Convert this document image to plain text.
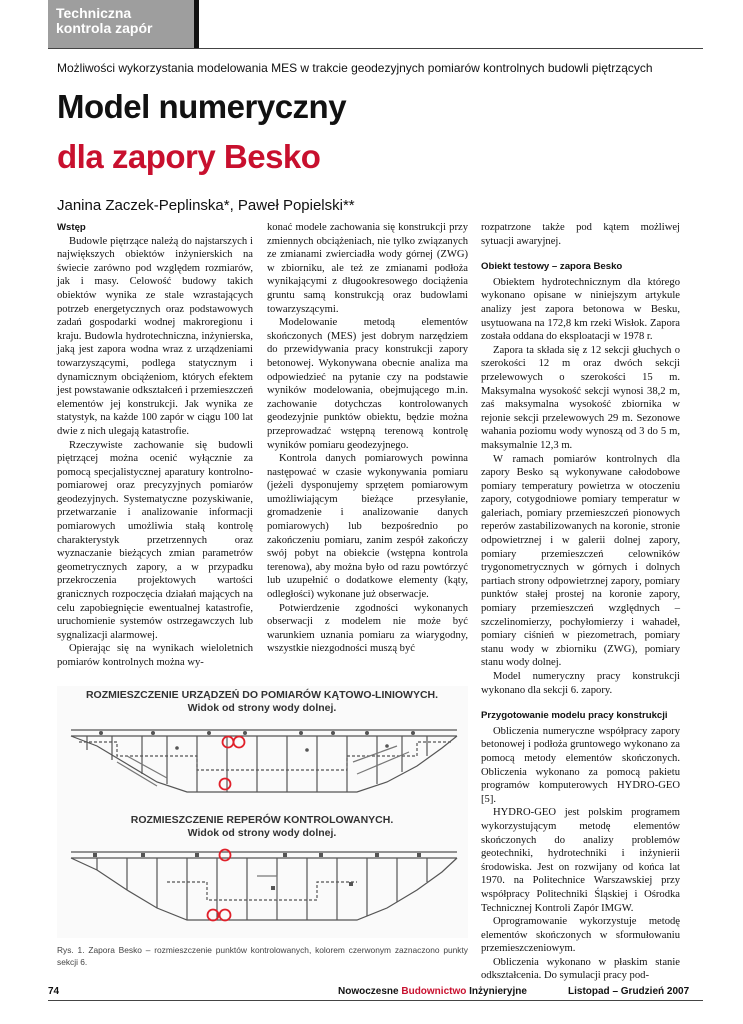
Techniczna
kontrola zapór
Możliwości wykorzystania modelowania MES w trakcie geodezyjnych pomiarów kontrolnych budowli piętrzących
Model numeryczny
dla zapory Besko
Janina Zaczek-Peplinska*, Paweł Popielski**
Wstęp

Budowle piętrzące należą do najstarszych i największych obiektów inżynierskich na świecie zarówno pod względem rozmiarów, jak i masy. Celowość budowy takich obiektów wynika ze stale wzrastających potrzeb energetycznych oraz podstawowych zadań gospodarki wodnej makroregionu i kraju. Budowla hydrotechniczna, inżynierska, jaką jest zapora wodna wraz z urządzeniami towarzyszącymi, podlega statycznym i dynamicznym obciążeniom, których efektem jest powstawanie odkształceń i przemieszczeń elementów jej konstrukcji. Jak wynika ze statystyk, na każde 100 zapór w ciągu 100 lat dwie z nich ulegają katastrofie.

Rzeczywiste zachowanie się budowli piętrzącej można ocenić wyłącznie za pomocą specjalistycznej aparatury kontrolno-pomiarowej oraz precyzyjnych pomiarów geodezyjnych. Systematyczne pozyskiwanie, przetwarzanie i analizowanie informacji pomiarowych umożliwia stałą kontrolę charakterystyk przetrzennych oraz wyznaczanie bieżących zmian parametrów geometrycznych zapory, a w przypadku przekroczenia projektowych wartości granicznych rozpoczęcia działań mających na celu zapobiegnięcie ewentualnej katastrofie, uruchomienie systemów ostrzegawczych lub sygnalizacji alarmowej.

Opierając się na wynikach wieloletnich pomiarów kontrolnych można wy-

konać modele zachowania się konstrukcji przy zmiennych obciążeniach, nie tylko związanych ze zmianami zwierciadła wody górnej (ZWG) w zbiorniku, ale też ze zmianami podłoża wynikającymi z długookresowego dociążenia gruntu samą konstrukcją oraz budowlami towarzyszącymi.

Modelowanie metodą elementów skończonych (MES) jest dobrym narzędziem do przewidywania pracy konstrukcji zapory betonowej. Wykonywana obecnie analiza ma odpowiedzieć na pytanie czy na podstawie wyników modelowania, obejmującego m.in. zachowanie dotychczas kontrolowanych geodezyjnie punktów obiektu, będzie można przeprowadzać wstępną terenową kontrolę wyników pomiaru geodezyjnego.

Kontrola danych pomiarowych powinna następować w czasie wykonywania pomiaru (jeżeli dysponujemy sprzętem pomiarowym umożliwiającym bieżące przesyłanie, gromadzenie i analizowanie danych pomiarowych) lub bezpośrednio po zakończeniu pomiaru, zanim zespół zakończy swój pobyt na obiekcie (wstępna kontrola terenowa), aby można było od razu powtórzyć lub uzupełnić o dodatkowe elementy (kąty, odległości) wykonane już obserwacje.

Potwierdzenie zgodności wykonanych obserwacji z modelem nie może być warunkiem uznania pomiaru za wiarygodny, wszystkie niezgodności muszą być

rozpatrzone także pod kątem możliwej sytuacji awaryjnej.

Obiekt testowy – zapora Besko

Obiektem hydrotechnicznym dla którego wykonano opisane w niniejszym artykule analizy jest zapora betonowa w Besku, usytuowana na 172,8 km rzeki Wisłok. Zapora została oddana do eksploatacji w 1978 r.

Zapora ta składa się z 12 sekcji głuchych o szerokości 12 m oraz dwóch sekcji przelewowych o szerokości 15 m. Maksymalna wysokość sekcji wynosi 38,2 m, zaś maksymalna wysokość zbiornika w rejonie sekcji przelewowych 29 m. Sezonowe wahania poziomu wody wynoszą od 3 do 5 m, maksymalnie 12,3 m.

W ramach pomiarów kontrolnych dla zapory Besko są wykonywane całodobowe pomiary temperatury powietrza w otoczeniu zapory, cotygodniowe pomiary temperatur w galeriach, pomiary przemieszczeń pionowych reperów zastabilizowanych na koronie, stronie odpowietrznej i w galerii dolnej zapory, pomiary przemieszczeń celowników trygonometrycznych w górnych i dolnych partiach strony odpowietrznej zapory, pomiary punktów stałej prostej na koronie zapory, pomiary przemieszczeń względnych – szczelinomierzy, pochyłomierzy i wahadeł, pomiary ciśnień w piezometrach, pomiary stanu wody w zbiorniku (ZWG), pomiary stanu wody dolnej.

Model numeryczny pracy konstrukcji wykonano dla sekcji 6. zapory.

Przygotowanie modelu pracy konstrukcji

Obliczenia numeryczne współpracy zapory betonowej i podłoża gruntowego wykonano za pomocą metody elementów skończonych. Obliczenia wykonano za pomocą pakietu programów komputerowych HYDRO-GEO [5].

HYDRO-GEO jest polskim programem wykorzystującym metodę elementów skończonych do analizy problemów geotechniki, hydrotechniki i inżynierii środowiska. Jest on rozwijany od końca lat 1970. na Politechnice Warszawskiej przy współpracy Politechniki Śląskiej i Ośrodka Technicznej Kontroli Zapór IMGW.

Oprogramowanie wykorzystuje metodę elementów skończonych w sformułowaniu przemieszczeniowym.

Obliczenia wykonano w płaskim stanie odkształcenia. Do symulacji pracy pod-

ROZMIESZCZENIE URZĄDZEŃ DO POMIARÓW KĄTOWO-LINIOWYCH.
Widok od strony wody dolnej.
ROZMIESZCZENIE REPERÓW KONTROLOWANYCH.
Widok od strony wody dolnej.
Rys. 1. Zapora Besko – rozmieszczenie punktów kontrolowanych, kolorem czerwonym zaznaczono punkty sekcji 6.
74	Nowoczesne Budownictwo Inżynieryjne	Listopad – Grudzień 2007
